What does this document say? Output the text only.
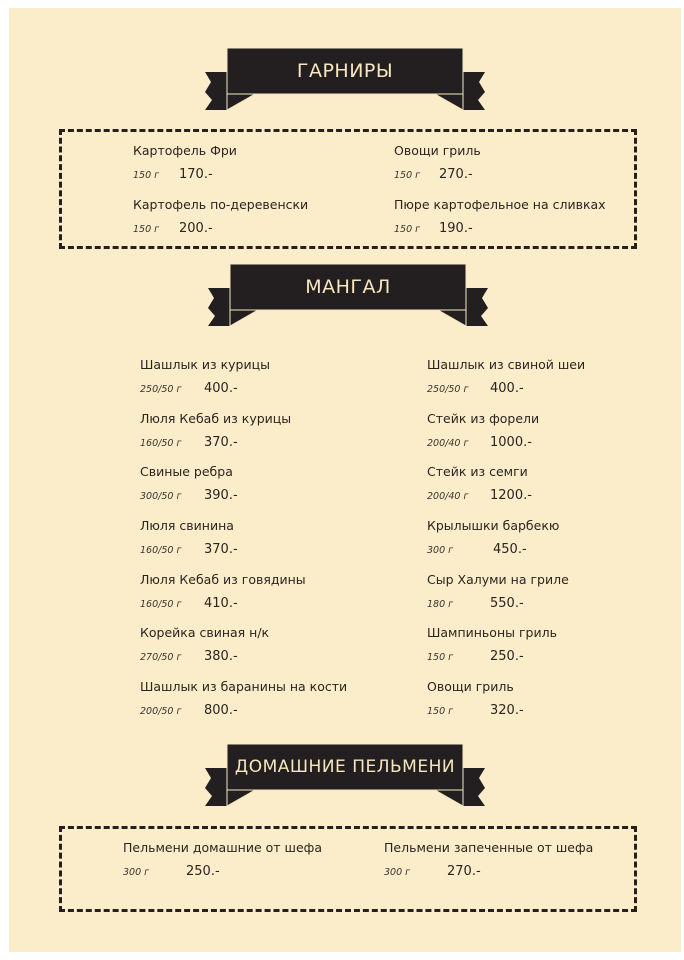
ГАРНИРЫ
Картофель Фри
150 г 170.-
Овощи гриль
150 г 270.-
Картофель по-деревенски
150 г 200.-
Пюре картофельное на сливках
150 г 190.-
МАНГАЛ
Шашлык из курицы
250/50 г 400.-
Люля Кебаб из курицы
160/50 г 370.-
Свиные ребра
300/50 г 390.-
Люля свинина
160/50 г 370.-
Люля Кебаб из говядины
160/50 г 410.-
Корейка свиная н/к
270/50 г 380.-
Шашлык из баранины на кости
200/50 г 800.-
Шашлык из свиной шеи
250/50 г 400.-
Стейк из форели
200/40 г 1000.-
Стейк из семги
200/40 г 1200.-
Крылышки барбекю
300 г	450.-
Сыр Халуми на гриле
180 г	550.-
Шампиньоны гриль
150 г	250.-
Овощи гриль
150 г	320.-
ДОМАШНИЕ ПЕЛЬМЕНИ
Пельмени домашние от шефа
300 г	250.-
Пельмени запеченные от шефа
300 г	270.-
